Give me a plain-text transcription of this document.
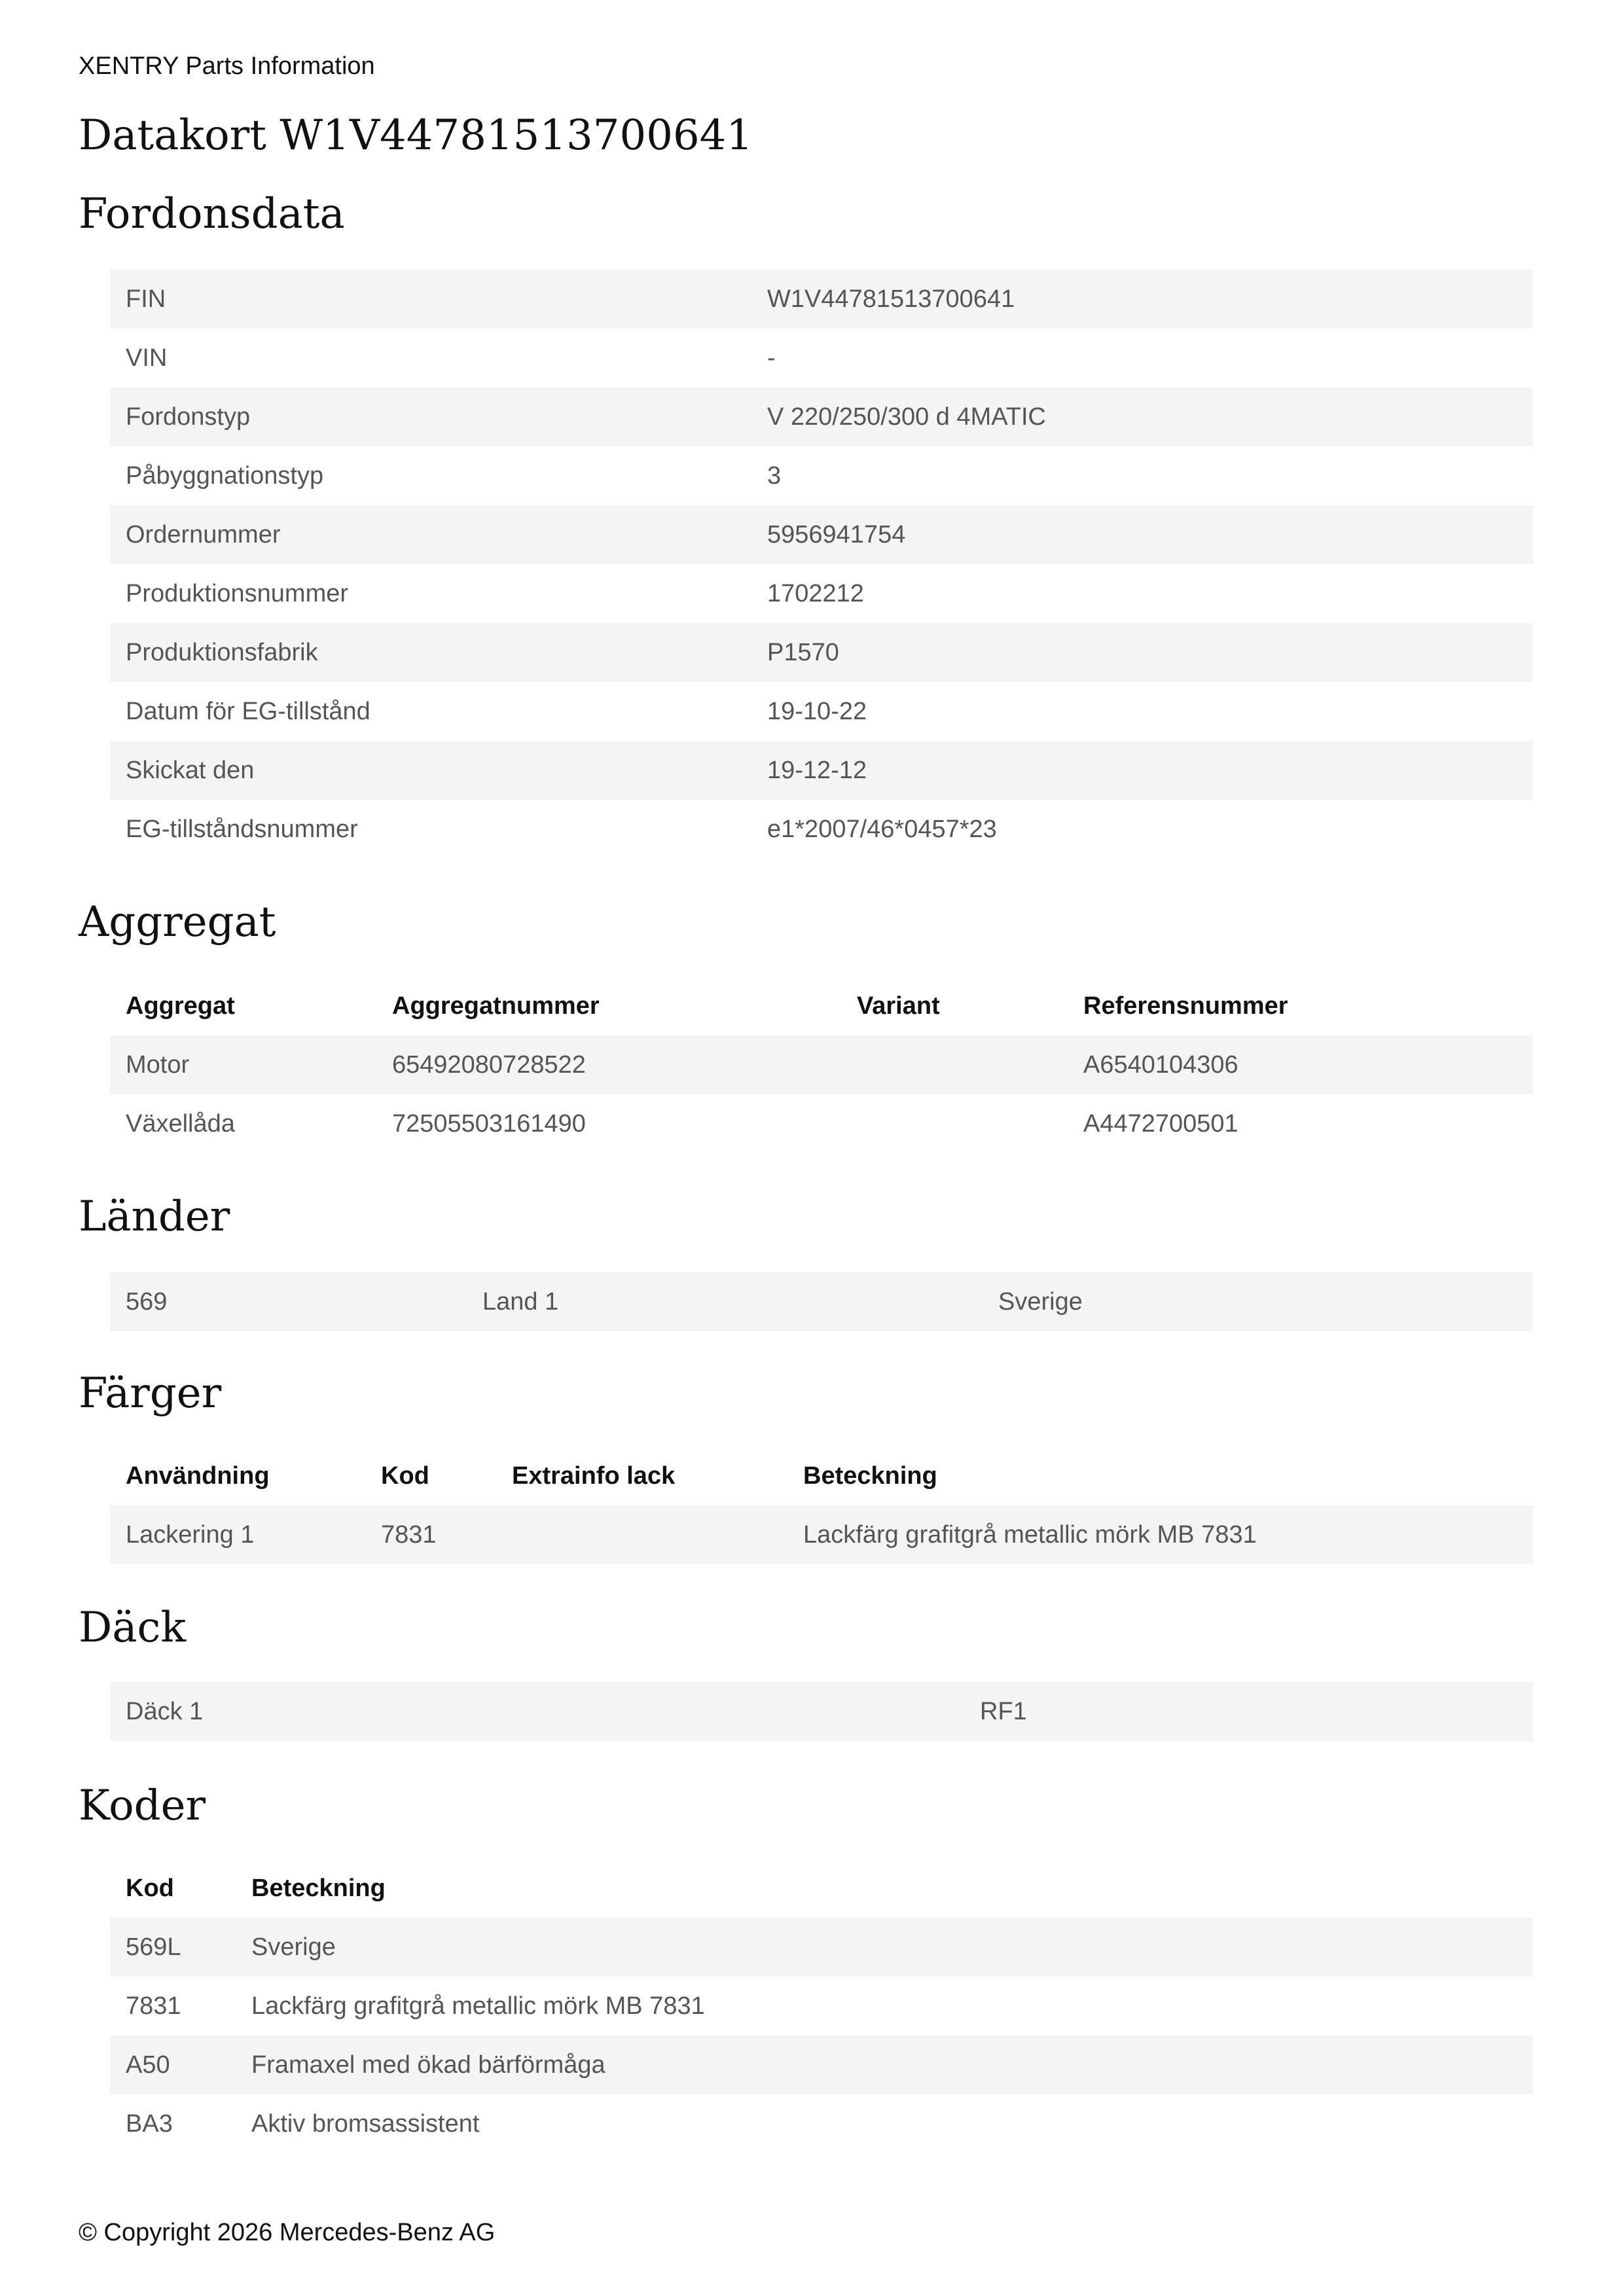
XENTRY Parts Information
Datakort W1V44781513700641
Fordonsdata
FIN	W1V44781513700641
VIN	-
Fordonstyp	V 220/250/300 d 4MATIC
Påbyggnationstyp	3
Ordernummer	5956941754
Produktionsnummer	1702212
Produktionsfabrik	P1570
Datum för EG-tillstånd	19-10-22
Skickat den	19-12-12
EG-tillståndsnummer	e1*2007/46*0457*23
Aggregat
Aggregat	Aggregatnummer	Variant	Referensnummer
Motor	65492080728522		A6540104306
Växellåda	72505503161490		A4472700501
Länder
569	Land 1	Sverige
Färger
Användning	Kod	Extrainfo lack	Beteckning
Lackering 1	7831		Lackfärg grafitgrå metallic mörk MB 7831
Däck
Däck 1	RF1
Koder
Kod	Beteckning
569L	Sverige
7831	Lackfärg grafitgrå metallic mörk MB 7831
A50	Framaxel med ökad bärförmåga
BA3	Aktiv bromsassistent
© Copyright 2026 Mercedes-Benz AG
